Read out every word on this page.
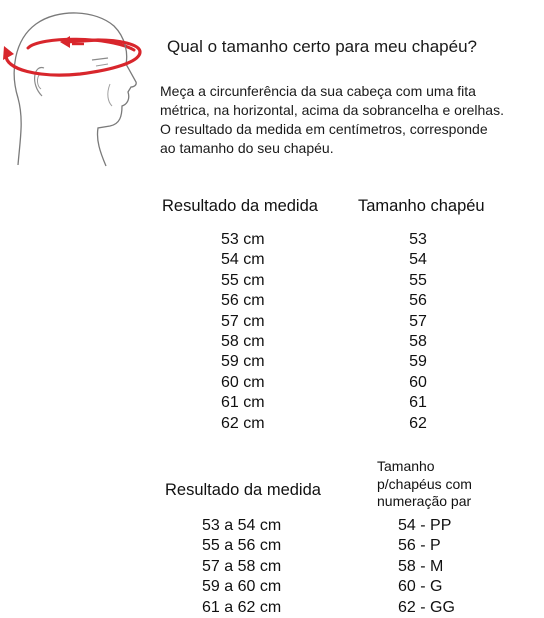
Qual o tamanho certo para meu chapéu?
Meça a circunferência da sua cabeça com uma fita
métrica, na horizontal, acima da sobrancelha e orelhas.
O resultado da medida em centímetros, corresponde
ao tamanho do seu chapéu.
Resultado da medida Tamanho chapéu
53 cm
54 cm
55 cm
56 cm
57 cm
58 cm
59 cm
60 cm
61 cm
62 cm
53
54
55
56
57
58
59
60
61
62
Resultado da medida
Tamanho
p/chapéus com
numeração par
53 a 54 cm
55 a 56 cm
57 a 58 cm
59 a 60 cm
61 a 62 cm
54 - PP
56 - P
58 - M
60 - G
62 - GG
